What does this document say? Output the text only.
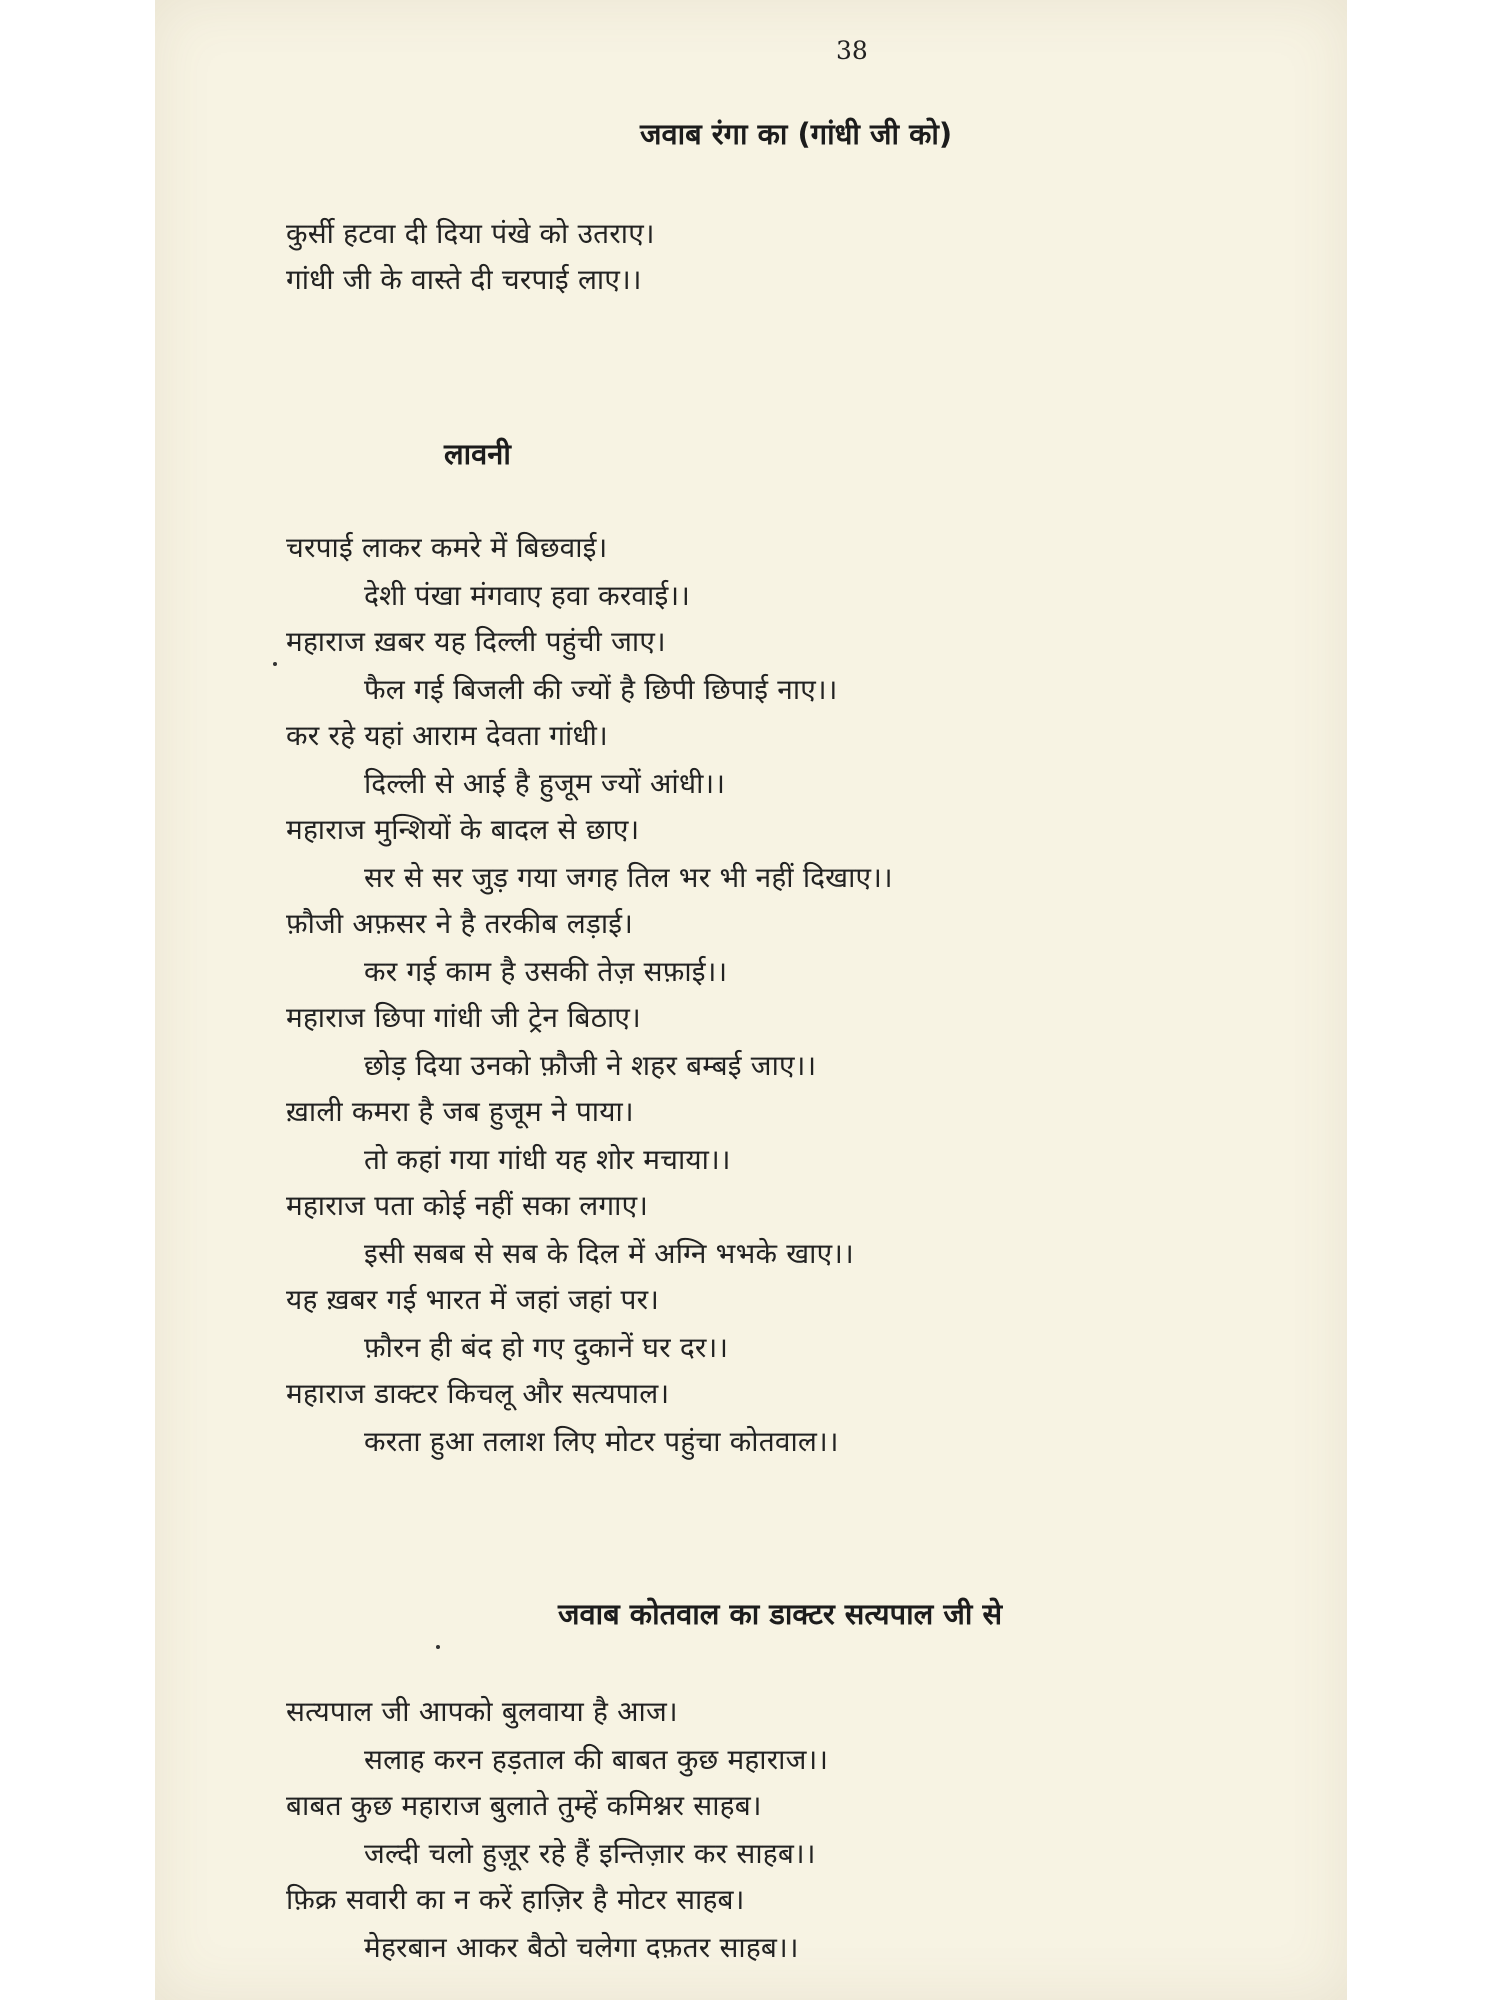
38
जवाब रंगा का (गांधी जी को)
कुर्सी हटवा दी दिया पंखे को उतराए।
गांधी जी के वास्ते दी चरपाई लाए।।
लावनी
चरपाई लाकर कमरे में बिछवाई।
देशी पंखा मंगवाए हवा करवाई।।
महाराज ख़बर यह दिल्ली पहुंची जाए।
फैल गई बिजली की ज्यों है छिपी छिपाई नाए।।
कर रहे यहां आराम देवता गांधी।
दिल्ली से आई है हुजूम ज्यों आंधी।।
महाराज मुन्शियों के बादल से छाए।
सर से सर जुड़ गया जगह तिल भर भी नहीं दिखाए।।
फ़ौजी अफ़सर ने है तरकीब लड़ाई।
कर गई काम है उसकी तेज़ सफ़ाई।।
महाराज छिपा गांधी जी ट्रेन बिठाए।
छोड़ दिया उनको फ़ौजी ने शहर बम्बई जाए।।
ख़ाली कमरा है जब हुजूम ने पाया।
तो कहां गया गांधी यह शोर मचाया।।
महाराज पता कोई नहीं सका लगाए।
इसी सबब से सब के दिल में अग्नि भभके खाए।।
यह ख़बर गई भारत में जहां जहां पर।
फ़ौरन ही बंद हो गए दुकानें घर दर।।
महाराज डाक्टर किचलू और सत्यपाल।
करता हुआ तलाश लिए मोटर पहुंचा कोतवाल।।
जवाब कोतवाल का डाक्टर सत्यपाल जी से
सत्यपाल जी आपको बुलवाया है आज।
सलाह करन हड़ताल की बाबत कुछ महाराज।।
बाबत कुछ महाराज बुलाते तुम्हें कमिश्नर साहब।
जल्दी चलो हुज़ूर रहे हैं इन्तिज़ार कर साहब।।
फ़िक्र सवारी का न करें हाज़िर है मोटर साहब।
मेहरबान आकर बैठो चलेगा दफ़तर साहब।।
